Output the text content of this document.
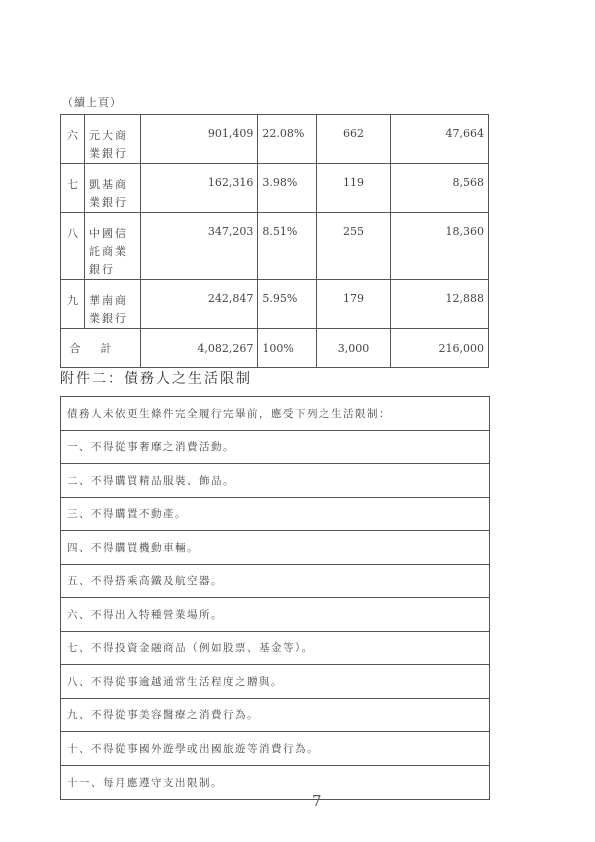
（續上頁）
六	元大商業銀行	901,409	22.08%	662	47,664
七	凱基商業銀行	162,316	3.98%	119	8,568
八	中國信託商業銀行	347,203	8.51%	255	18,360
九	華南商業銀行	242,847	5.95%	179	12,888
合計		4,082,267	100%	3,000	216,000
附件二：債務人之生活限制
債務人未依更生條件完全履行完畢前，應受下列之生活限制：
一、不得從事奢靡之消費活動。
二、不得購買精品服裝、飾品。
三、不得購置不動產。
四、不得購買機動車輛。
五、不得搭乘高鐵及航空器。
六、不得出入特種營業場所。
七、不得投資金融商品（例如股票、基金等）。
八、不得從事逾越通常生活程度之贈與。
九、不得從事美容醫療之消費行為。
十、不得從事國外遊學或出國旅遊等消費行為。
十一、每月應遵守支出限制。
7
